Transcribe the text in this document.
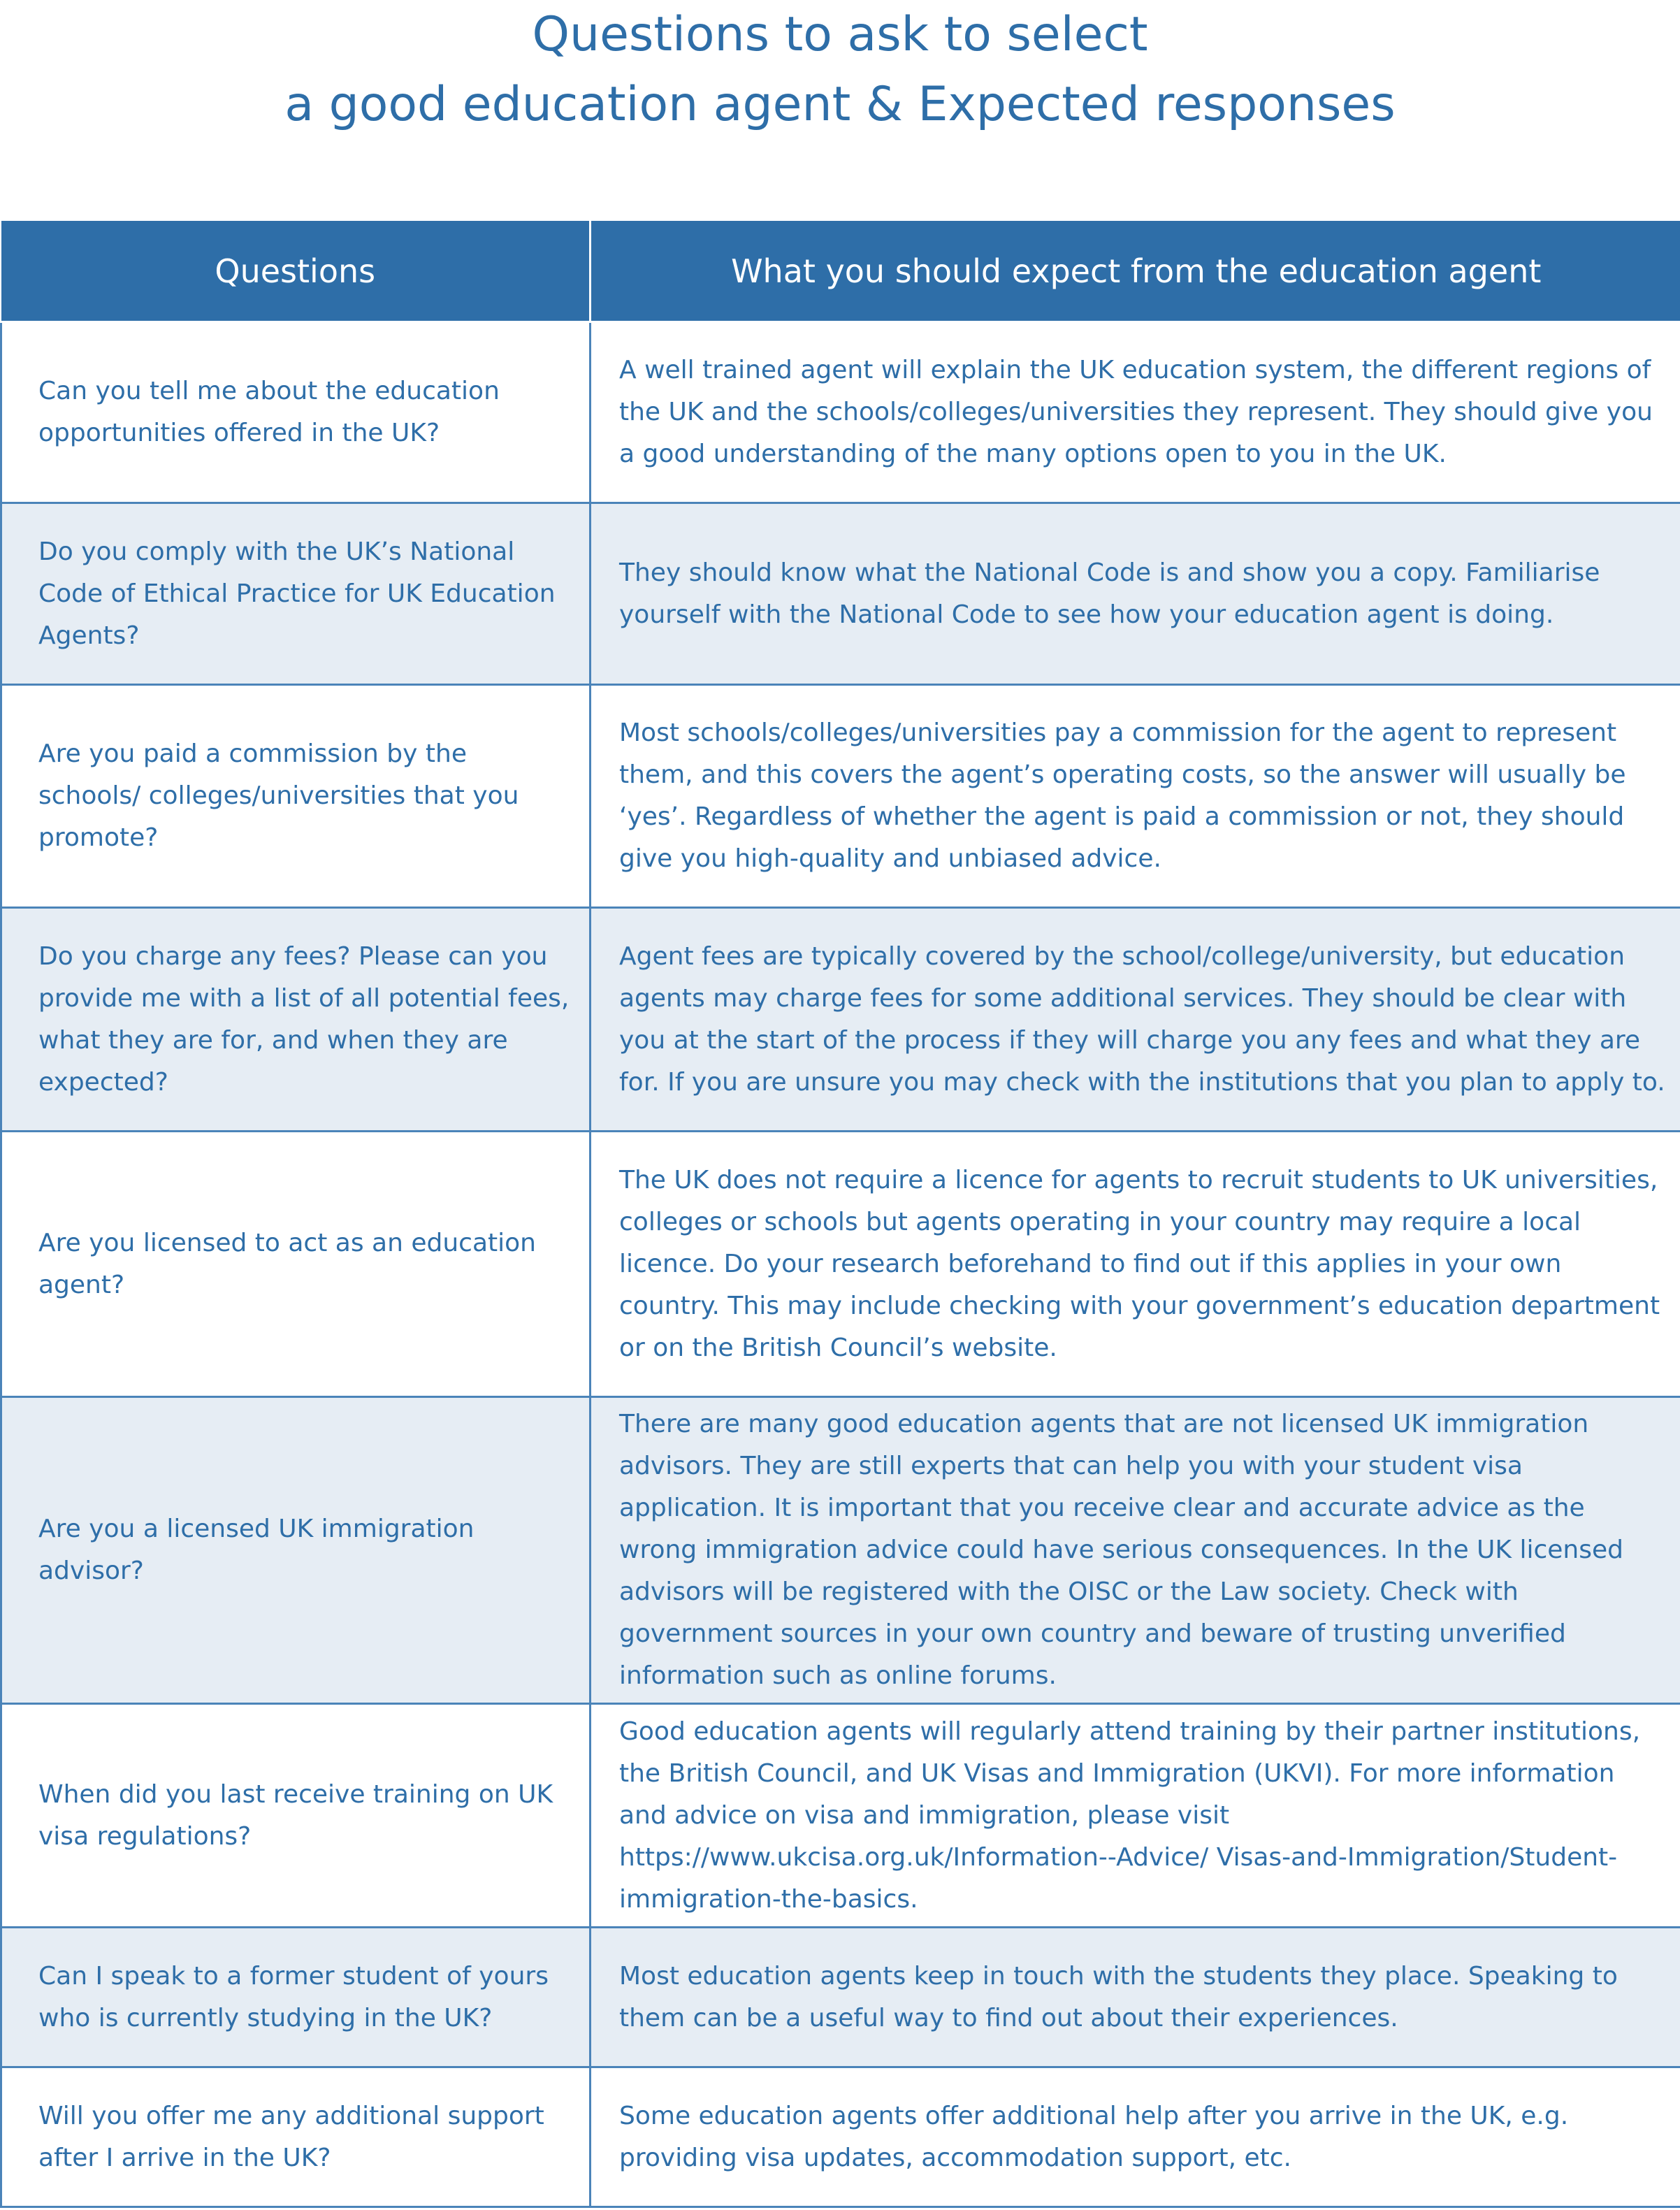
Questions to ask to select
a good education agent & Expected responses
Questions	What you should expect from the education agent
Can you tell me about the education opportunities offered in the UK?	A well trained agent will explain the UK education system, the different regions of the UK and the schools/colleges/universities they represent. They should give you a good understanding of the many options open to you in the UK.
Do you comply with the UK’s National Code of Ethical Practice for UK Education Agents?	They should know what the National Code is and show you a copy. Familiarise yourself with the National Code to see how your education agent is doing.
Are you paid a commission by the schools/ colleges/universities that you promote?	Most schools/colleges/universities pay a commission for the agent to represent them, and this covers the agent’s operating costs, so the answer will usually be ‘yes’. Regardless of whether the agent is paid a commission or not, they should give you high-quality and unbiased advice.
Do you charge any fees? Please can you provide me with a list of all potential fees, what they are for, and when they are expected?	Agent fees are typically covered by the school/college/university, but education agents may charge fees for some additional services. They should be clear with you at the start of the process if they will charge you any fees and what they are for. If you are unsure you may check with the institutions that you plan to apply to.
Are you licensed to act as an education agent?	The UK does not require a licence for agents to recruit students to UK universities, colleges or schools but agents operating in your country may require a local licence. Do your research beforehand to find out if this applies in your own country. This may include checking with your government’s education department or on the British Council’s website.
Are you a licensed UK immigration advisor?	There are many good education agents that are not licensed UK immigration advisors. They are still experts that can help you with your student visa application. It is important that you receive clear and accurate advice as the wrong immigration advice could have serious consequences. In the UK licensed advisors will be registered with the OISC or the Law society. Check with government sources in your own country and beware of trusting unverified information such as online forums.
When did you last receive training on UK visa regulations?	Good education agents will regularly attend training by their partner institutions, the British Council, and UK Visas and Immigration (UKVI). For more information and advice on visa and immigration, please visit https://www.ukcisa.org.uk/Information--Advice/ Visas-and-Immigration/Student-immigration-the-basics.
Can I speak to a former student of yours who is currently studying in the UK?	Most education agents keep in touch with the students they place. Speaking to them can be a useful way to find out about their experiences.
Will you offer me any additional support after I arrive in the UK?	Some education agents offer additional help after you arrive in the UK, e.g. providing visa updates, accommodation support, etc.
